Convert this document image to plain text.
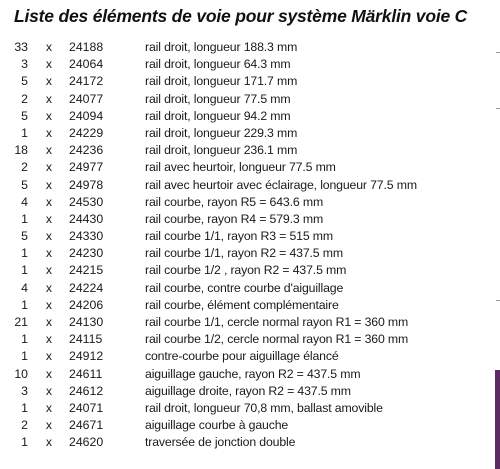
Liste des éléments de voie pour système Märklin voie C
33 x 24188	rail droit, longueur 188.3 mm
3 x 24064	rail droit, longueur 64.3 mm
5 x 24172	rail droit, longueur 171.7 mm
2 x 24077	rail droit, longueur 77.5 mm
5 x 24094	rail droit, longueur 94.2 mm
1 x 24229	rail droit, longueur 229.3 mm
18 x 24236	rail droit, longueur 236.1 mm
2 x 24977	rail avec heurtoir, longueur 77.5 mm
5 x 24978	rail avec heurtoir avec éclairage, longueur 77.5 mm
4 x 24530	rail courbe, rayon R5 = 643.6 mm
1 x 24430	rail courbe, rayon R4 = 579.3 mm
5 x 24330	rail courbe 1/1, rayon R3 = 515 mm
1 x 24230	rail courbe 1/1, rayon R2 = 437.5 mm
1 x 24215	rail courbe 1/2 , rayon R2 = 437.5 mm
4 x 24224	rail courbe, contre courbe d'aiguillage
1 x 24206	rail courbe, élément complémentaire
21 x 24130	rail courbe 1/1, cercle normal rayon R1 = 360 mm
1 x 24115	rail courbe 1/2, cercle normal rayon R1 = 360 mm
1 x 24912	contre-courbe pour aiguillage élancé
10 x 24611	aiguillage gauche, rayon R2 = 437.5 mm
3 x 24612	aiguillage droite, rayon R2 = 437.5 mm
1 x 24071	rail droit, longueur 70,8 mm, ballast amovible
2 x 24671	aiguillage courbe à gauche
1 x 24620	traversée de jonction double
